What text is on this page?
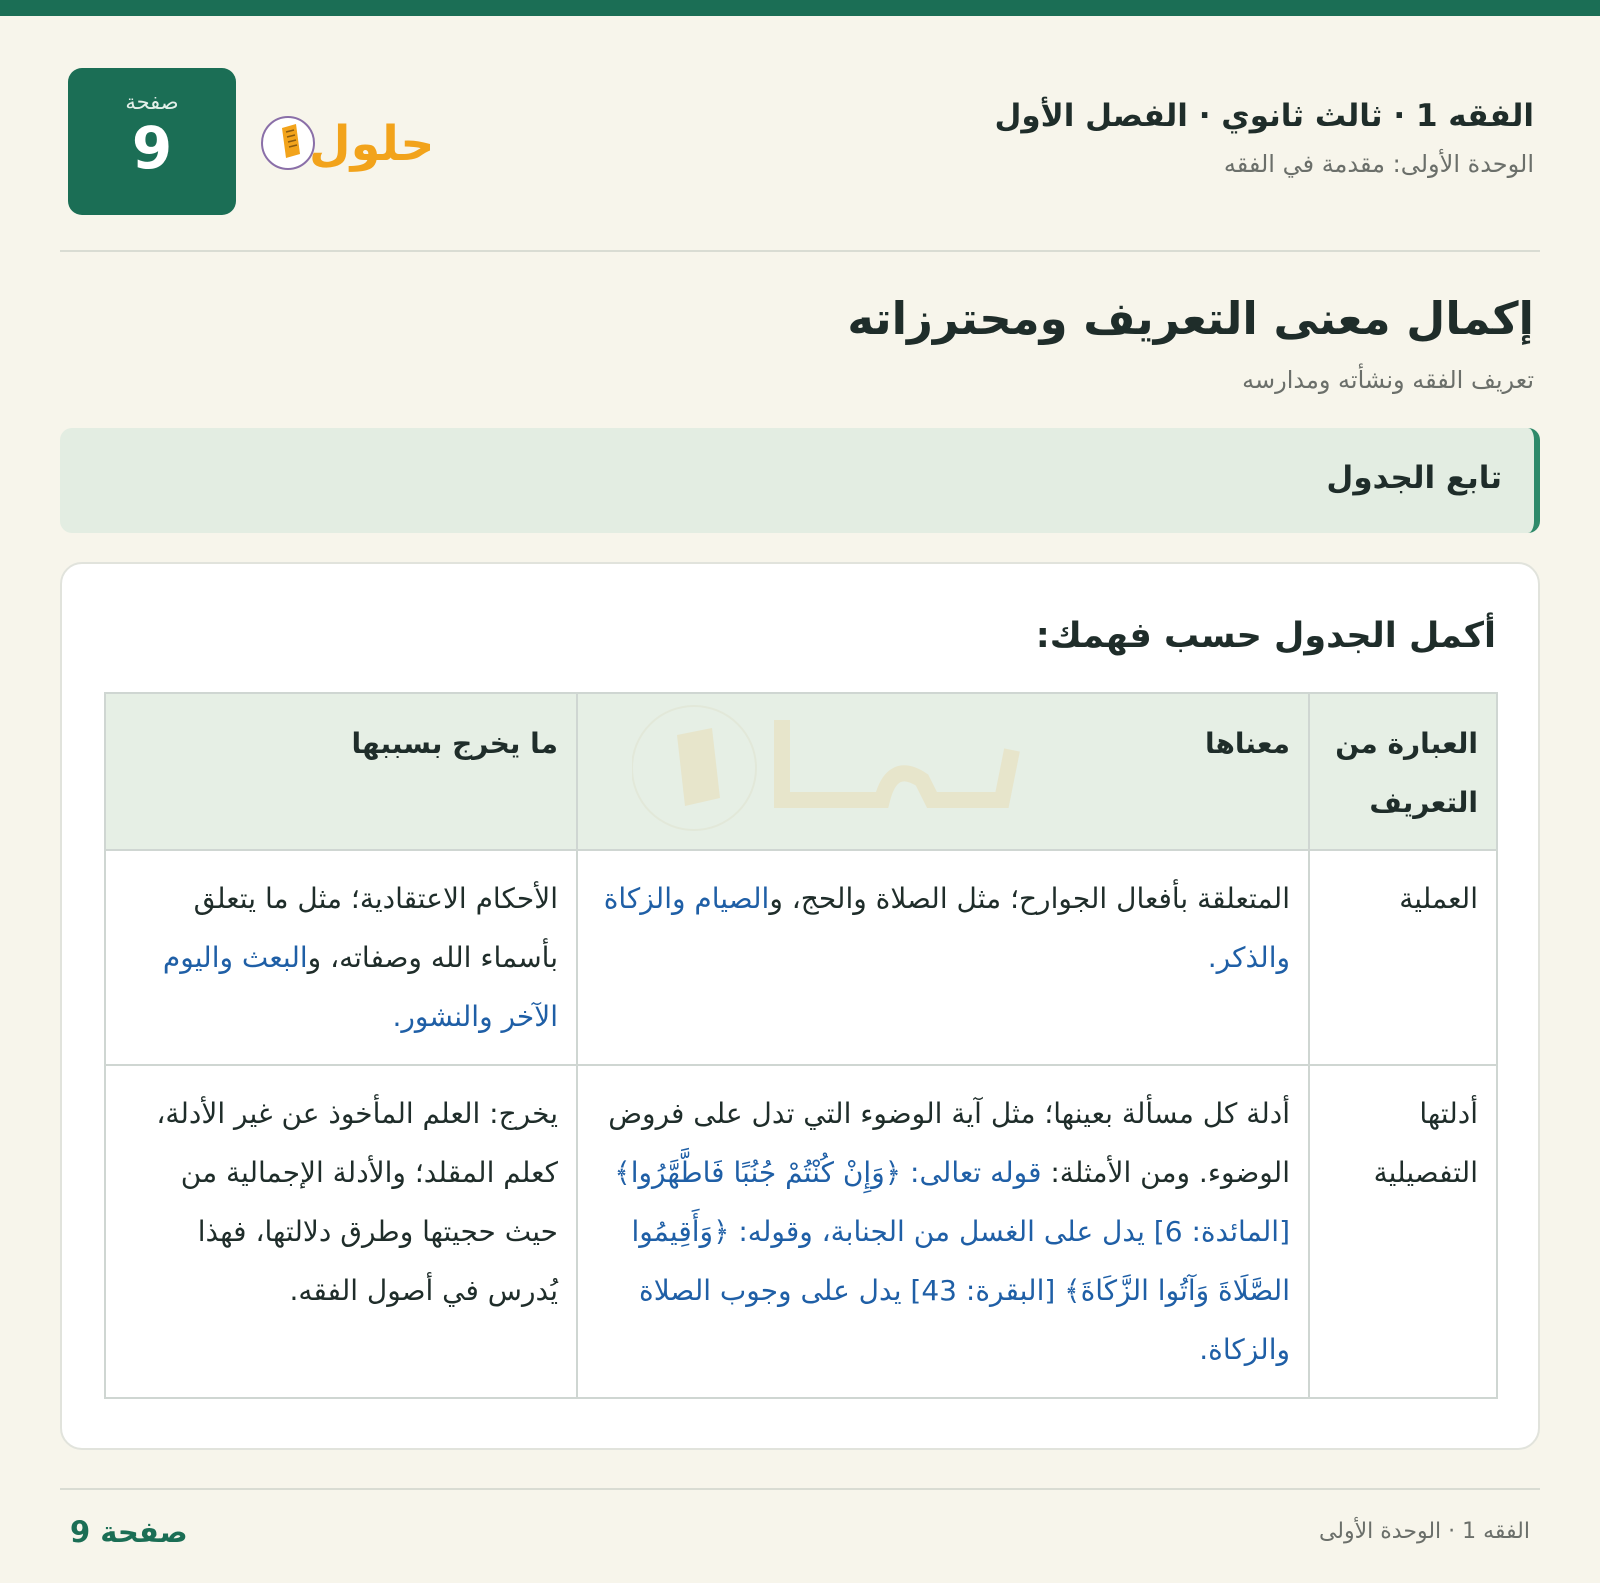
الفقه 1 · ثالث ثانوي · الفصل الأول
الوحدة الأولى: مقدمة في الفقه
حلول
صفحة
9
إكمال معنى التعريف ومحترزاته
تعريف الفقه ونشأته ومدارسه
تابع الجدول
أكمل الجدول حسب فهمك:
العبارة من التعريف	معناها	ما يخرج بسببها
العملية	المتعلقة بأفعال الجوارح؛ مثل الصلاة والحج، والصيام والزكاة والذكر.	الأحكام الاعتقادية؛ مثل ما يتعلق بأسماء الله وصفاته، والبعث واليوم الآخر والنشور.
أدلتها التفصيلية	أدلة كل مسألة بعينها؛ مثل آية الوضوء التي تدل على فروض الوضوء. ومن الأمثلة: قوله تعالى: ﴿وَإِنْ كُنْتُمْ جُنُبًا فَاطَّهَّرُوا﴾ [المائدة: 6] يدل على الغسل من الجنابة، وقوله: ﴿وَأَقِيمُوا الصَّلَاةَ وَآتُوا الزَّكَاةَ﴾ [البقرة: 43] يدل على وجوب الصلاة والزكاة.	يخرج: العلم المأخوذ عن غير الأدلة، كعلم المقلد؛ والأدلة الإجمالية من حيث حجيتها وطرق دلالتها، فهذا يُدرس في أصول الفقه.
صفحة 9	الفقه 1 · الوحدة الأولى
